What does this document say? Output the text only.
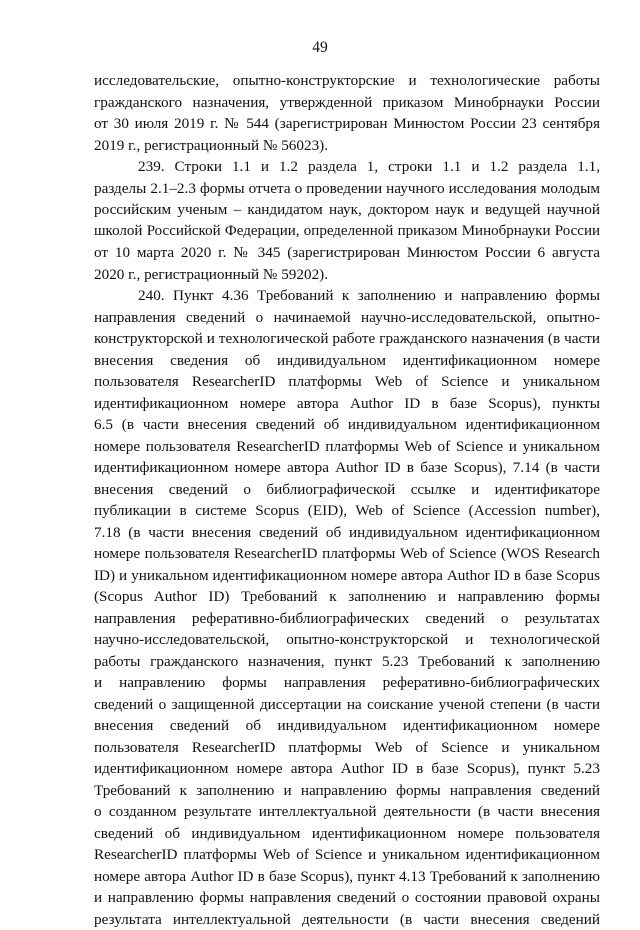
49
исследовательские, опытно-конструкторские и технологические работы
гражданского назначения, утвержденной приказом Минобрнауки России
от 30 июля 2019 г. № 544 (зарегистрирован Минюстом России 23 сентября
2019 г., регистрационный № 56023).
239. Строки 1.1 и 1.2 раздела 1, строки 1.1 и 1.2 раздела 1.1,
разделы 2.1–2.3 формы отчета о проведении научного исследования молодым
российским ученым – кандидатом наук, доктором наук и ведущей научной
школой Российской Федерации, определенной приказом Минобрнауки России
от 10 марта 2020 г. № 345 (зарегистрирован Минюстом России 6 августа
2020 г., регистрационный № 59202).
240. Пункт 4.36 Требований к заполнению и направлению формы
направления сведений о начинаемой научно-исследовательской, опытно-
конструкторской и технологической работе гражданского назначения (в части
внесения сведения об индивидуальном идентификационном номере
пользователя ResearcherID платформы Web of Science и уникальном
идентификационном номере автора Author ID в базе Scopus), пункты
6.5 (в части внесения сведений об индивидуальном идентификационном
номере пользователя ResearcherID платформы Web of Science и уникальном
идентификационном номере автора Author ID в базе Scopus), 7.14 (в части
внесения сведений о библиографической ссылке и идентификаторе
публикации в системе Scopus (EID), Web of Science (Accession number),
7.18 (в части внесения сведений об индивидуальном идентификационном
номере пользователя ResearcherID платформы Web of Science (WOS Research
ID) и уникальном идентификационном номере автора Author ID в базе Scopus
(Scopus Author ID) Требований к заполнению и направлению формы
направления реферативно-библиографических сведений о результатах
научно-исследовательской, опытно-конструкторской и технологической
работы гражданского назначения, пункт 5.23 Требований к заполнению
и направлению формы направления реферативно-библиографических
сведений о защищенной диссертации на соискание ученой степени (в части
внесения сведений об индивидуальном идентификационном номере
пользователя ResearcherID платформы Web of Science и уникальном
идентификационном номере автора Author ID в базе Scopus), пункт 5.23
Требований к заполнению и направлению формы направления сведений
о созданном результате интеллектуальной деятельности (в части внесения
сведений об индивидуальном идентификационном номере пользователя
ResearcherID платформы Web of Science и уникальном идентификационном
номере автора Author ID в базе Scopus), пункт 4.13 Требований к заполнению
и направлению формы направления сведений о состоянии правовой охраны
результата интеллектуальной деятельности (в части внесения сведений
